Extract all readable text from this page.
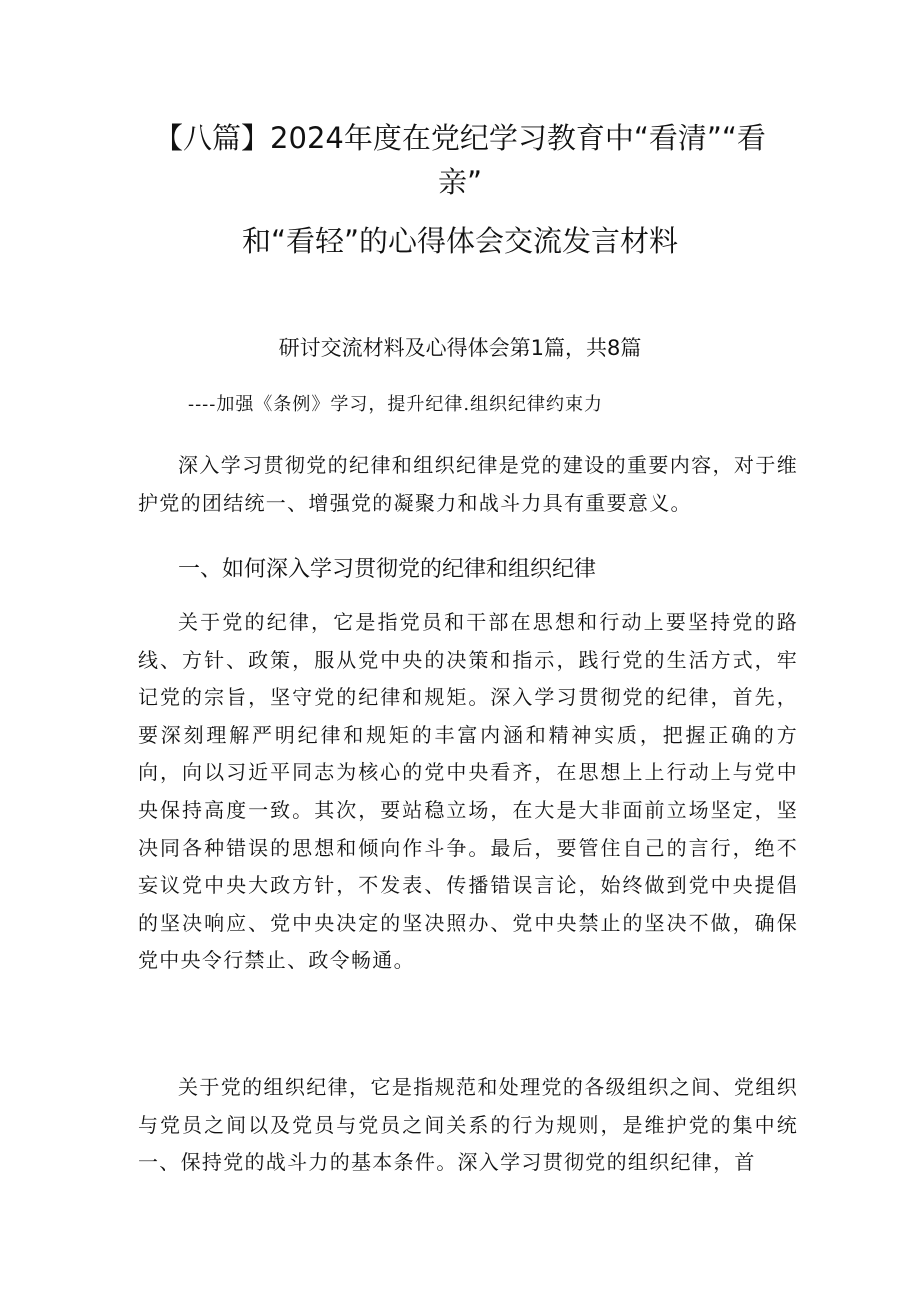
【八篇】2024年度在党纪学习教育中“看清”“看
亲”
和“看轻”的心得体会交流发言材料
研讨交流材料及心得体会第1篇，共8篇
----加强《条例》学习，提升纪律.组织纪律约束力

深入学习贯彻党的纪律和组织纪律是党的建设的重要内容，对于维护党的团结统一、增强党的凝聚力和战斗力具有重要意义。

一、如何深入学习贯彻党的纪律和组织纪律

关于党的纪律，它是指党员和干部在思想和行动上要坚持党的路线、方针、政策，服从党中央的决策和指示，践行党的生活方式，牢记党的宗旨，坚守党的纪律和规矩。深入学习贯彻党的纪律，首先，要深刻理解严明纪律和规矩的丰富内涵和精神实质，把握正确的方向，向以习近平同志为核心的党中央看齐，在思想上上行动上与党中央保持高度一致。其次，要站稳立场，在大是大非面前立场坚定，坚决同各种错误的思想和倾向作斗争。最后，要管住自己的言行，绝不妄议党中央大政方针，不发表、传播错误言论，始终做到党中央提倡的坚决响应、党中央决定的坚决照办、党中央禁止的坚决不做，确保党中央令行禁止、政令畅通。

关于党的组织纪律，它是指规范和处理党的各级组织之间、党组织与党员之间以及党员与党员之间关系的行为规则，是维护党的集中统一、保持党的战斗力的基本条件。深入学习贯彻党的组织纪律，首
